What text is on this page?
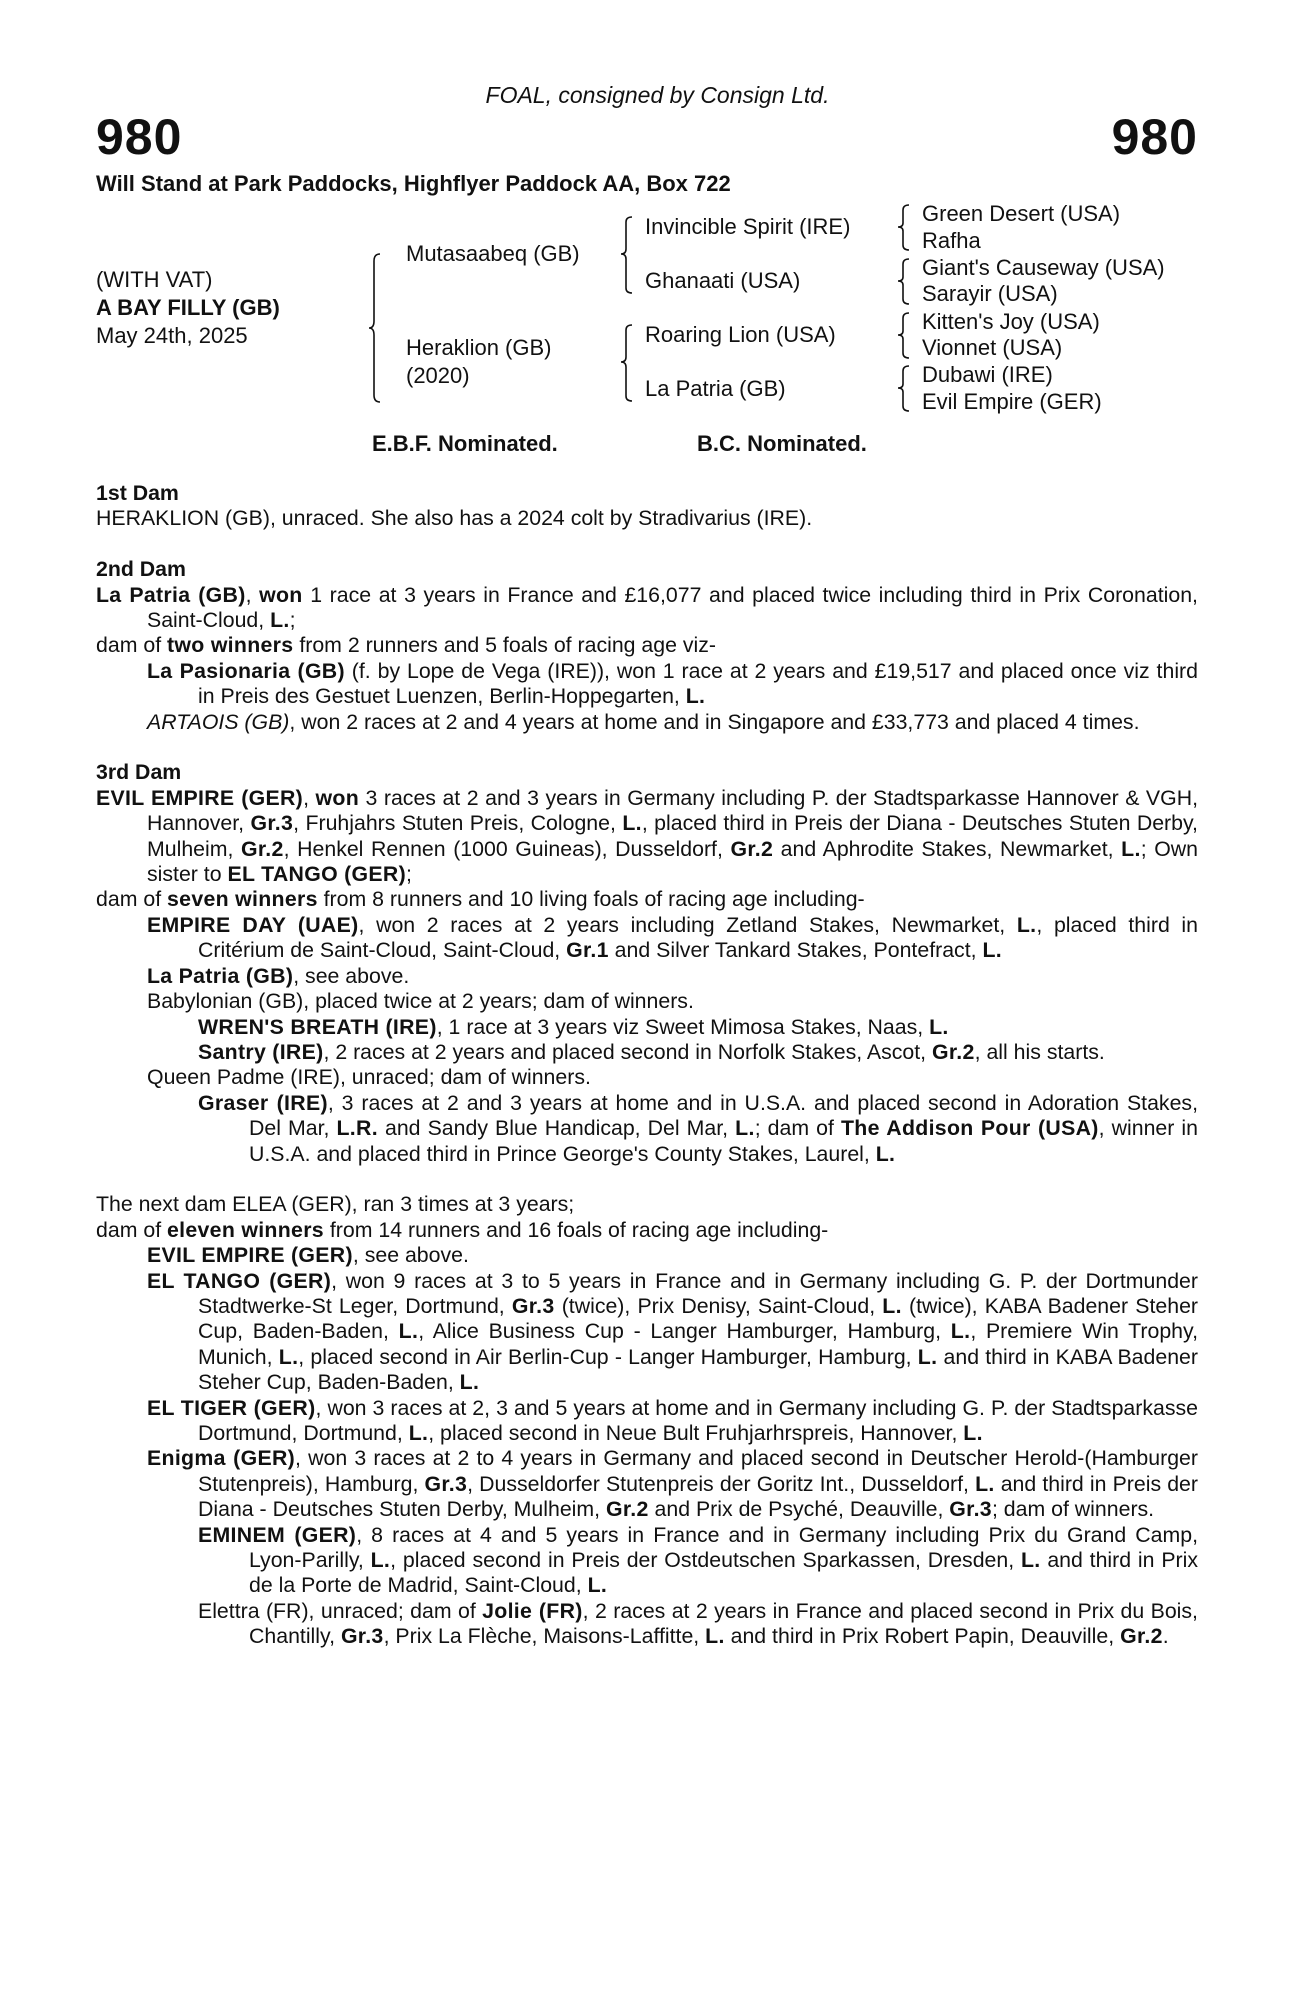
FOAL, consigned by Consign Ltd.
980	980
Will Stand at Park Paddocks, Highflyer Paddock AA, Box 722
(WITH VAT)
A BAY FILLY (GB)
May 24th, 2025
Mutasaabeq (GB)
Heraklion (GB)
(2020)
Invincible Spirit (IRE)
Ghanaati (USA)
Roaring Lion (USA)
La Patria (GB)
Green Desert (USA)
Rafha
Giant's Causeway (USA)
Sarayir (USA)
Kitten's Joy (USA)
Vionnet (USA)
Dubawi (IRE)
Evil Empire (GER)
E.B.F. Nominated.	B.C. Nominated.
1st Dam
HERAKLION (GB), unraced. She also has a 2024 colt by Stradivarius (IRE).
2nd Dam
La Patria (GB), won 1 race at 3 years in France and £16,077 and placed twice including third in Prix Coronation, Saint-Cloud, L.;
dam of two winners from 2 runners and 5 foals of racing age viz-
La Pasionaria (GB) (f. by Lope de Vega (IRE)), won 1 race at 2 years and £19,517 and placed once viz third in Preis des Gestuet Luenzen, Berlin-Hoppegarten, L.
ARTAOIS (GB), won 2 races at 2 and 4 years at home and in Singapore and £33,773 and placed 4 times.
3rd Dam
EVIL EMPIRE (GER), won 3 races at 2 and 3 years in Germany including P. der Stadtsparkasse Hannover & VGH, Hannover, Gr.3, Fruhjahrs Stuten Preis, Cologne, L., placed third in Preis der Diana - Deutsches Stuten Derby, Mulheim, Gr.2, Henkel Rennen (1000 Guineas), Dusseldorf, Gr.2 and Aphrodite Stakes, Newmarket, L.; Own sister to EL TANGO (GER);
dam of seven winners from 8 runners and 10 living foals of racing age including-
EMPIRE DAY (UAE), won 2 races at 2 years including Zetland Stakes, Newmarket, L., placed third in Critérium de Saint-Cloud, Saint-Cloud, Gr.1 and Silver Tankard Stakes, Pontefract, L.
La Patria (GB), see above.
Babylonian (GB), placed twice at 2 years; dam of winners.
WREN'S BREATH (IRE), 1 race at 3 years viz Sweet Mimosa Stakes, Naas, L.
Santry (IRE), 2 races at 2 years and placed second in Norfolk Stakes, Ascot, Gr.2, all his starts.
Queen Padme (IRE), unraced; dam of winners.
Graser (IRE), 3 races at 2 and 3 years at home and in U.S.A. and placed second in Adoration Stakes, Del Mar, L.R. and Sandy Blue Handicap, Del Mar, L.; dam of The Addison Pour (USA), winner in U.S.A. and placed third in Prince George's County Stakes, Laurel, L.
The next dam ELEA (GER), ran 3 times at 3 years;
dam of eleven winners from 14 runners and 16 foals of racing age including-
EVIL EMPIRE (GER), see above.
EL TANGO (GER), won 9 races at 3 to 5 years in France and in Germany including G. P. der Dortmunder Stadtwerke-St Leger, Dortmund, Gr.3 (twice), Prix Denisy, Saint-Cloud, L. (twice), KABA Badener Steher Cup, Baden-Baden, L., Alice Business Cup - Langer Hamburger, Hamburg, L., Premiere Win Trophy, Munich, L., placed second in Air Berlin-Cup - Langer Hamburger, Hamburg, L. and third in KABA Badener Steher Cup, Baden-Baden, L.
EL TIGER (GER), won 3 races at 2, 3 and 5 years at home and in Germany including G. P. der Stadtsparkasse Dortmund, Dortmund, L., placed second in Neue Bult Fruhjarhrspreis, Hannover, L.
Enigma (GER), won 3 races at 2 to 4 years in Germany and placed second in Deutscher Herold-(Hamburger Stutenpreis), Hamburg, Gr.3, Dusseldorfer Stutenpreis der Goritz Int., Dusseldorf, L. and third in Preis der Diana - Deutsches Stuten Derby, Mulheim, Gr.2 and Prix de Psyché, Deauville, Gr.3; dam of winners.
EMINEM (GER), 8 races at 4 and 5 years in France and in Germany including Prix du Grand Camp, Lyon-Parilly, L., placed second in Preis der Ostdeutschen Sparkassen, Dresden, L. and third in Prix de la Porte de Madrid, Saint-Cloud, L.
Elettra (FR), unraced; dam of Jolie (FR), 2 races at 2 years in France and placed second in Prix du Bois, Chantilly, Gr.3, Prix La Flèche, Maisons-Laffitte, L. and third in Prix Robert Papin, Deauville, Gr.2.
